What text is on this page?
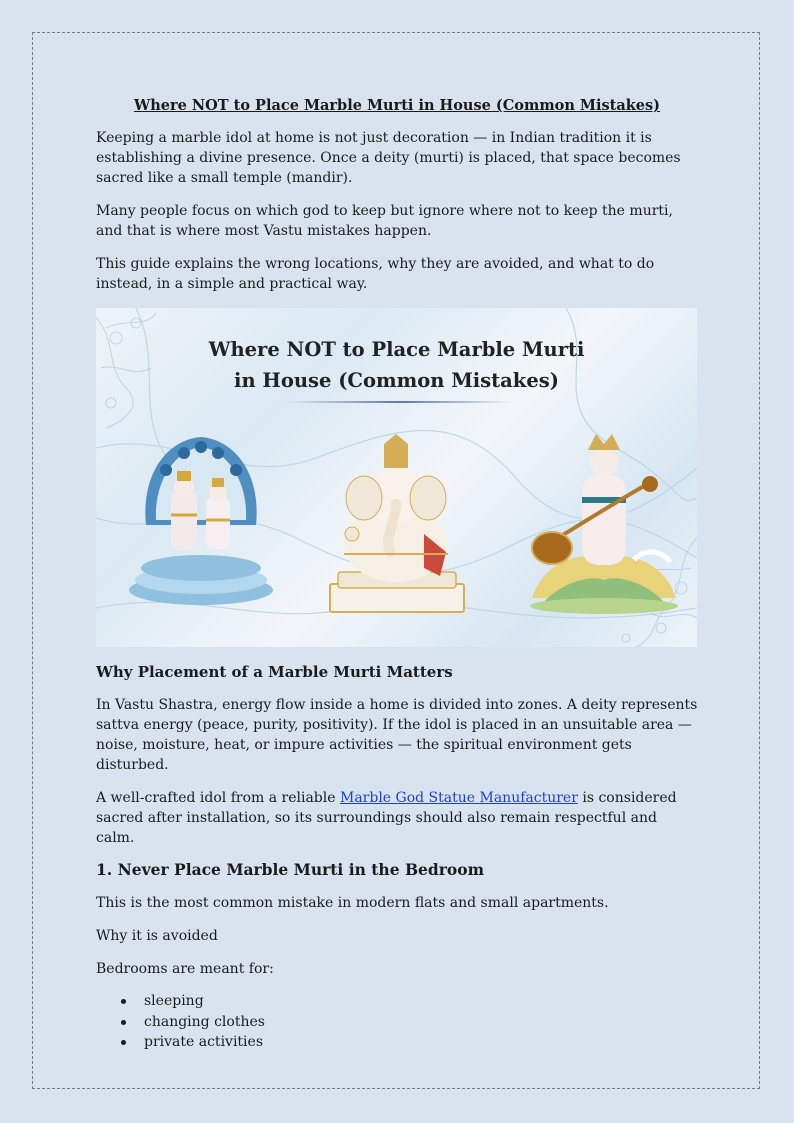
Where NOT to Place Marble Murti in House (Common Mistakes)

Keeping a marble idol at home is not just decoration — in Indian tradition it is establishing a divine presence. Once a deity (murti) is placed, that space becomes sacred like a small temple (mandir).

Many people focus on which god to keep but ignore where not to keep the murti, and that is where most Vastu mistakes happen.

This guide explains the wrong locations, why they are avoided, and what to do instead, in a simple and practical way.

Where NOT to Place Marble Murti
in House (Common Mistakes)
Why Placement of a Marble Murti Matters

In Vastu Shastra, energy flow inside a home is divided into zones. A deity represents sattva energy (peace, purity, positivity). If the idol is placed in an unsuitable area — noise, moisture, heat, or impure activities — the spiritual environment gets disturbed.

A well-crafted idol from a reliable Marble God Statue Manufacturer is considered sacred after installation, so its surroundings should also remain respectful and calm.

1. Never Place Marble Murti in the Bedroom

This is the most common mistake in modern flats and small apartments.

Why it is avoided

Bedrooms are meant for:

sleeping
changing clothes
private activities
